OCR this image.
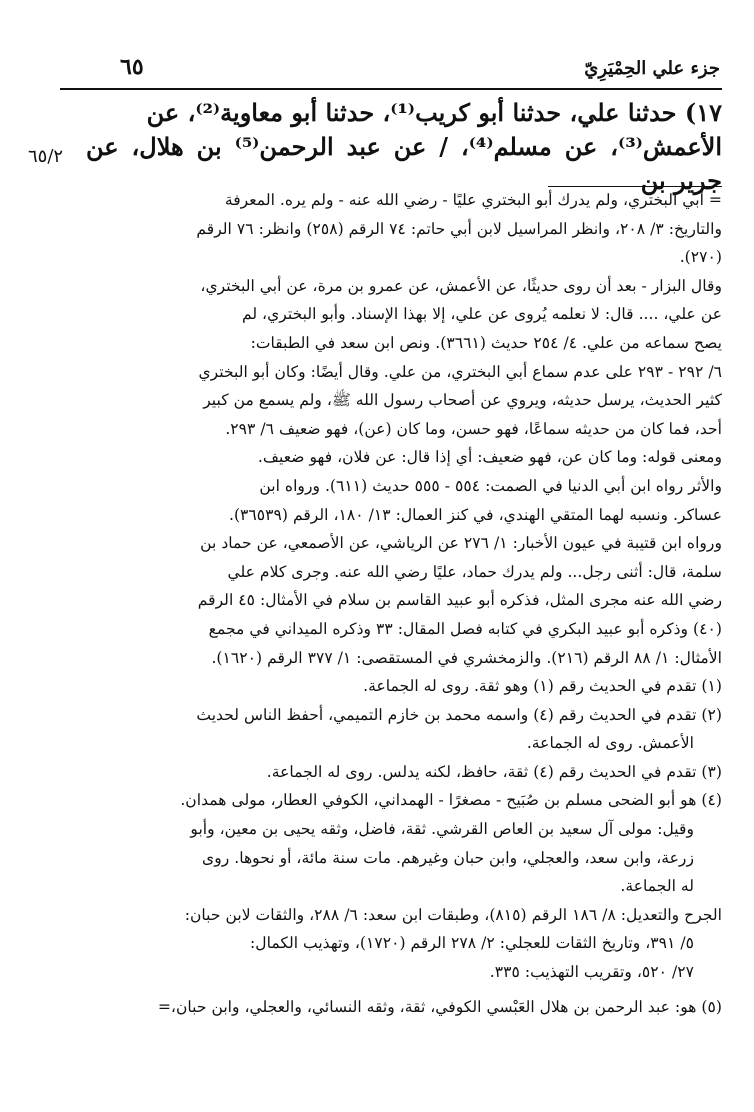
جزء علي الحِمْيَرِيّ
٦٥
٦٥/٢

١٧) حدثنا علي، حدثنا أبو كريب⁽¹⁾، حدثنا أبو معاوية⁽²⁾، عن

الأعمش⁽³⁾، عن مسلم⁽⁴⁾، / عن عبد الرحمن⁽⁵⁾ بن هلال، عن جرير بن

= أبي البختري، ولم يدرك أبو البختري عليًا - رضي الله عنه - ولم يره. المعرفة

والتاريخ: ٣/ ٢٠٨، وانظر المراسيل لابن أبي حاتم: ٧٤ الرقم (٢٥٨) وانظر: ٧٦ الرقم

(٢٧٠).

وقال البزار - بعد أن روى حديثًا، عن الأعمش، عن عمرو بن مرة، عن أبي البختري،

عن علي، .... قال: لا نعلمه يُروى عن علي، إلا بهذا الإسناد. وأبو البختري، لم

يصح سماعه من علي. ٤/ ٢٥٤ حديث (٣٦٦١). ونص ابن سعد في الطبقات:

٦/ ٢٩٢ - ٢٩٣ على عدم سماع أبي البختري، من علي. وقال أيضًا: وكان أبو البختري

كثير الحديث، يرسل حديثه، ويروي عن أصحاب رسول الله ﷺ، ولم يسمع من كبير

أحد، فما كان من حديثه سماعًا، فهو حسن، وما كان (عن)، فهو ضعيف ٦/ ٢٩٣.

ومعنى قوله: وما كان عن، فهو ضعيف: أي إذا قال: عن فلان، فهو ضعيف.

والأثر رواه ابن أبي الدنيا في الصمت: ٥٥٤ - ٥٥٥ حديث (٦١١). ورواه ابن

عساكر. ونسبه لهما المتقي الهندي، في كنز العمال: ١٣/ ١٨٠، الرقم (٣٦٥٣٩).

ورواه ابن قتيبة في عيون الأخبار: ١/ ٢٧٦ عن الرياشي، عن الأصمعي، عن حماد بن

سلمة، قال: أثنى رجل... ولم يدرك حماد، عليًا رضي الله عنه. وجرى كلام علي

رضي الله عنه مجرى المثل، فذكره أبو عبيد القاسم بن سلام في الأمثال: ٤٥ الرقم

(٤٠) وذكره أبو عبيد البكري في كتابه فصل المقال: ٣٣ وذكره الميداني في مجمع

الأمثال: ١/ ٨٨ الرقم (٢١٦). والزمخشري في المستقصى: ١/ ٣٧٧ الرقم (١٦٢٠).

(١) تقدم في الحديث رقم (١) وهو ثقة. روى له الجماعة.

(٢) تقدم في الحديث رقم (٤) واسمه محمد بن خازم التميمي، أحفظ الناس لحديث

الأعمش. روى له الجماعة.

(٣) تقدم في الحديث رقم (٤) ثقة، حافظ، لكنه يدلس. روى له الجماعة.

(٤) هو أبو الضحى مسلم بن صُبَيح - مصغرًا - الهمداني، الكوفي العطار، مولى همدان.

وقيل: مولى آل سعيد بن العاص القرشي. ثقة، فاضل، وثقه يحيى بن معين، وأبو

زرعة، وابن سعد، والعجلي، وابن حبان وغيرهم. مات سنة مائة، أو نحوها. روى

له الجماعة.

الجرح والتعديل: ٨/ ١٨٦ الرقم (٨١٥)، وطبقات ابن سعد: ٦/ ٢٨٨، والثقات لابن حبان:

٥/ ٣٩١، وتاريخ الثقات للعجلي: ٢/ ٢٧٨ الرقم (١٧٢٠)، وتهذيب الكمال:

٢٧/ ٥٢٠، وتقريب التهذيب: ٣٣٥.

(٥) هو: عبد الرحمن بن هلال العَبْسي الكوفي، ثقة، وثقه النسائي، والعجلي، وابن حبان،=
